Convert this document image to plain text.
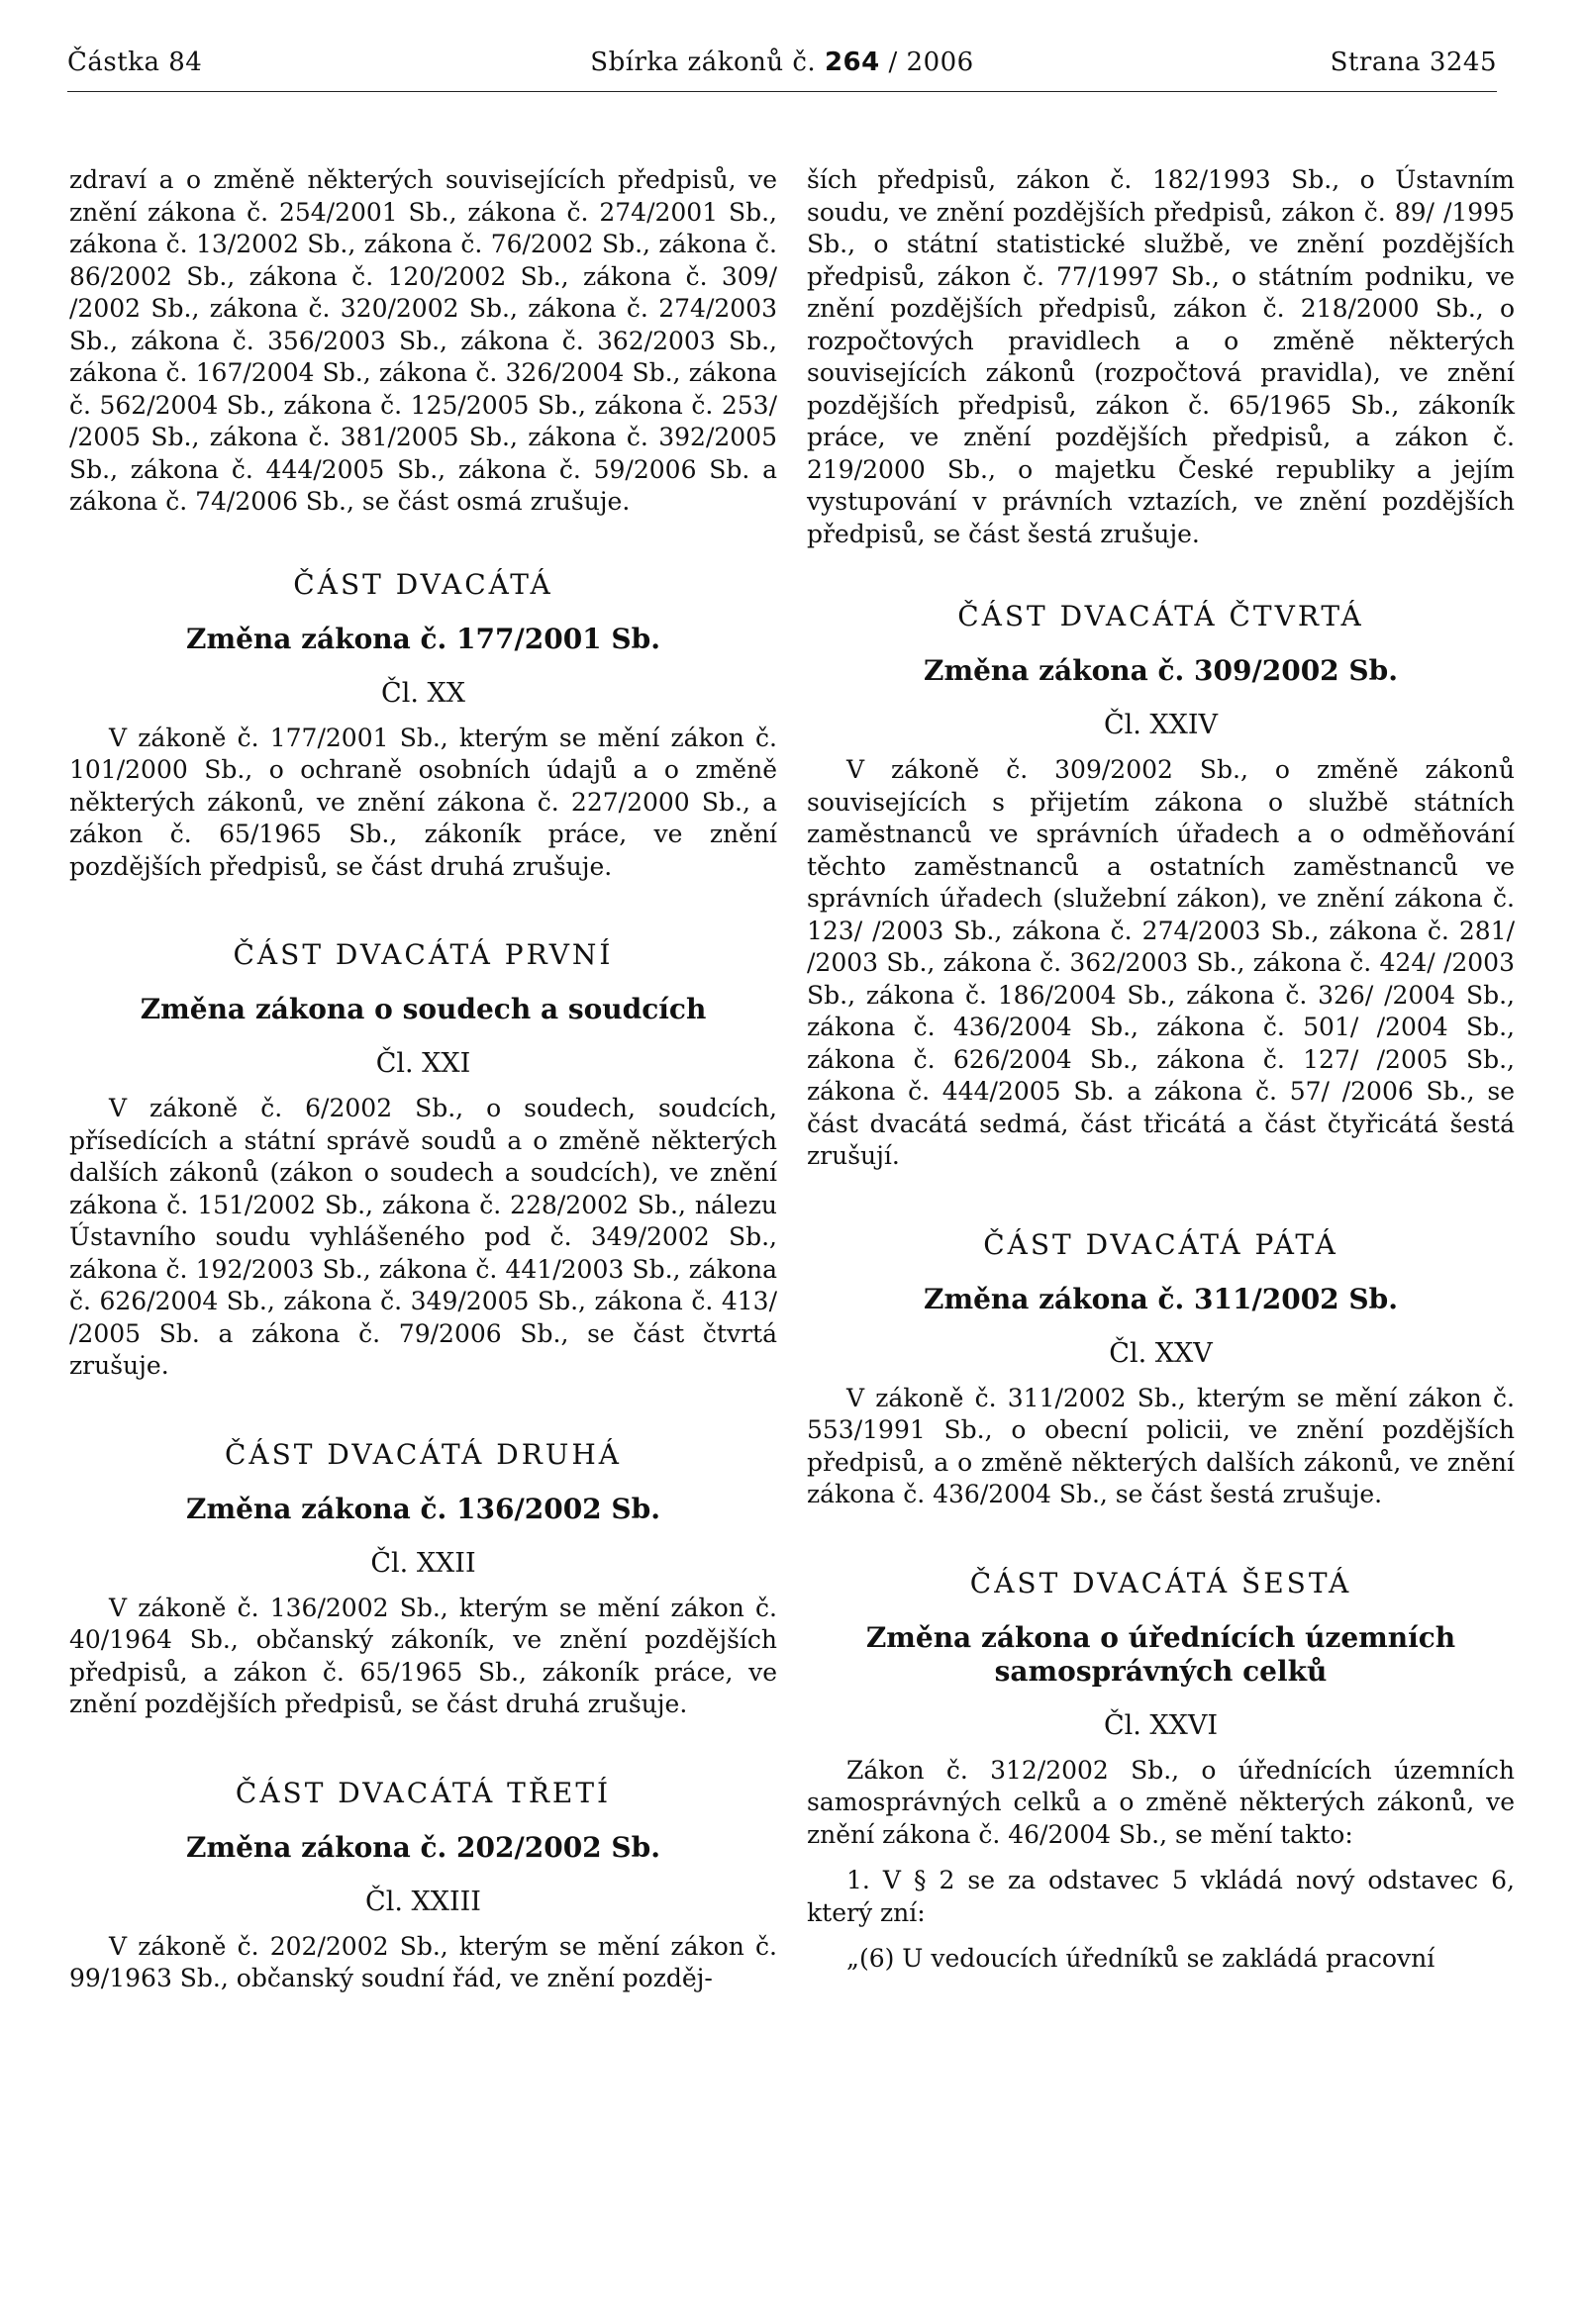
Částka 84	Sbírka zákonů č. 264 / 2006	Strana 3245

zdraví a o změně některých souvisejících předpisů, ve znění zákona č. 254/2001 Sb., zákona č. 274/2001 Sb., zákona č. 13/2002 Sb., zákona č. 76/2002 Sb., zákona č. 86/2002 Sb., zákona č. 120/2002 Sb., zákona č. 309/ /2002 Sb., zákona č. 320/2002 Sb., zákona č. 274/2003 Sb., zákona č. 356/2003 Sb., zákona č. 362/2003 Sb., zákona č. 167/2004 Sb., zákona č. 326/2004 Sb., zákona č. 562/2004 Sb., zákona č. 125/2005 Sb., zákona č. 253/ /2005 Sb., zákona č. 381/2005 Sb., zákona č. 392/2005 Sb., zákona č. 444/2005 Sb., zákona č. 59/2006 Sb. a zákona č. 74/2006 Sb., se část osmá zrušuje.

ČÁST DVACÁTÁ

Změna zákona č. 177/2001 Sb.

Čl. XX

V zákoně č. 177/2001 Sb., kterým se mění zákon č. 101/2000 Sb., o ochraně osobních údajů a o změně některých zákonů, ve znění zákona č. 227/2000 Sb., a zákon č. 65/1965 Sb., zákoník práce, ve znění pozdějších předpisů, se část druhá zrušuje.

ČÁST DVACÁTÁ PRVNÍ

Změna zákona o soudech a soudcích

Čl. XXI

V zákoně č. 6/2002 Sb., o soudech, soudcích, přísedících a státní správě soudů a o změně některých dalších zákonů (zákon o soudech a soudcích), ve znění zákona č. 151/2002 Sb., zákona č. 228/2002 Sb., nálezu Ústavního soudu vyhlášeného pod č. 349/2002 Sb., zákona č. 192/2003 Sb., zákona č. 441/2003 Sb., zákona č. 626/2004 Sb., zákona č. 349/2005 Sb., zákona č. 413/ /2005 Sb. a zákona č. 79/2006 Sb., se část čtvrtá zrušuje.

ČÁST DVACÁTÁ DRUHÁ

Změna zákona č. 136/2002 Sb.

Čl. XXII

V zákoně č. 136/2002 Sb., kterým se mění zákon č. 40/1964 Sb., občanský zákoník, ve znění pozdějších předpisů, a zákon č. 65/1965 Sb., zákoník práce, ve znění pozdějších předpisů, se část druhá zrušuje.

ČÁST DVACÁTÁ TŘETÍ

Změna zákona č. 202/2002 Sb.

Čl. XXIII

V zákoně č. 202/2002 Sb., kterým se mění zákon č. 99/1963 Sb., občanský soudní řád, ve znění pozděj-

ších předpisů, zákon č. 182/1993 Sb., o Ústavním soudu, ve znění pozdějších předpisů, zákon č. 89/ /1995 Sb., o státní statistické službě, ve znění pozdějších předpisů, zákon č. 77/1997 Sb., o státním podniku, ve znění pozdějších předpisů, zákon č. 218/2000 Sb., o rozpočtových pravidlech a o změně některých souvisejících zákonů (rozpočtová pravidla), ve znění pozdějších předpisů, zákon č. 65/1965 Sb., zákoník práce, ve znění pozdějších předpisů, a zákon č. 219/2000 Sb., o majetku České republiky a jejím vystupování v právních vztazích, ve znění pozdějších předpisů, se část šestá zrušuje.

ČÁST DVACÁTÁ ČTVRTÁ

Změna zákona č. 309/2002 Sb.

Čl. XXIV

V zákoně č. 309/2002 Sb., o změně zákonů souvisejících s přijetím zákona o službě státních zaměstnanců ve správních úřadech a o odměňování těchto zaměstnanců a ostatních zaměstnanců ve správních úřadech (služební zákon), ve znění zákona č. 123/ /2003 Sb., zákona č. 274/2003 Sb., zákona č. 281/ /2003 Sb., zákona č. 362/2003 Sb., zákona č. 424/ /2003 Sb., zákona č. 186/2004 Sb., zákona č. 326/ /2004 Sb., zákona č. 436/2004 Sb., zákona č. 501/ /2004 Sb., zákona č. 626/2004 Sb., zákona č. 127/ /2005 Sb., zákona č. 444/2005 Sb. a zákona č. 57/ /2006 Sb., se část dvacátá sedmá, část třicátá a část čtyřicátá šestá zrušují.

ČÁST DVACÁTÁ PÁTÁ

Změna zákona č. 311/2002 Sb.

Čl. XXV

V zákoně č. 311/2002 Sb., kterým se mění zákon č. 553/1991 Sb., o obecní policii, ve znění pozdějších předpisů, a o změně některých dalších zákonů, ve znění zákona č. 436/2004 Sb., se část šestá zrušuje.

ČÁST DVACÁTÁ ŠESTÁ

Změna zákona o úřednících územních samosprávných celků

Čl. XXVI

Zákon č. 312/2002 Sb., o úřednících územních samosprávných celků a o změně některých zákonů, ve znění zákona č. 46/2004 Sb., se mění takto:

1. V § 2 se za odstavec 5 vkládá nový odstavec 6, který zní:

„(6) U vedoucích úředníků se zakládá pracovní
